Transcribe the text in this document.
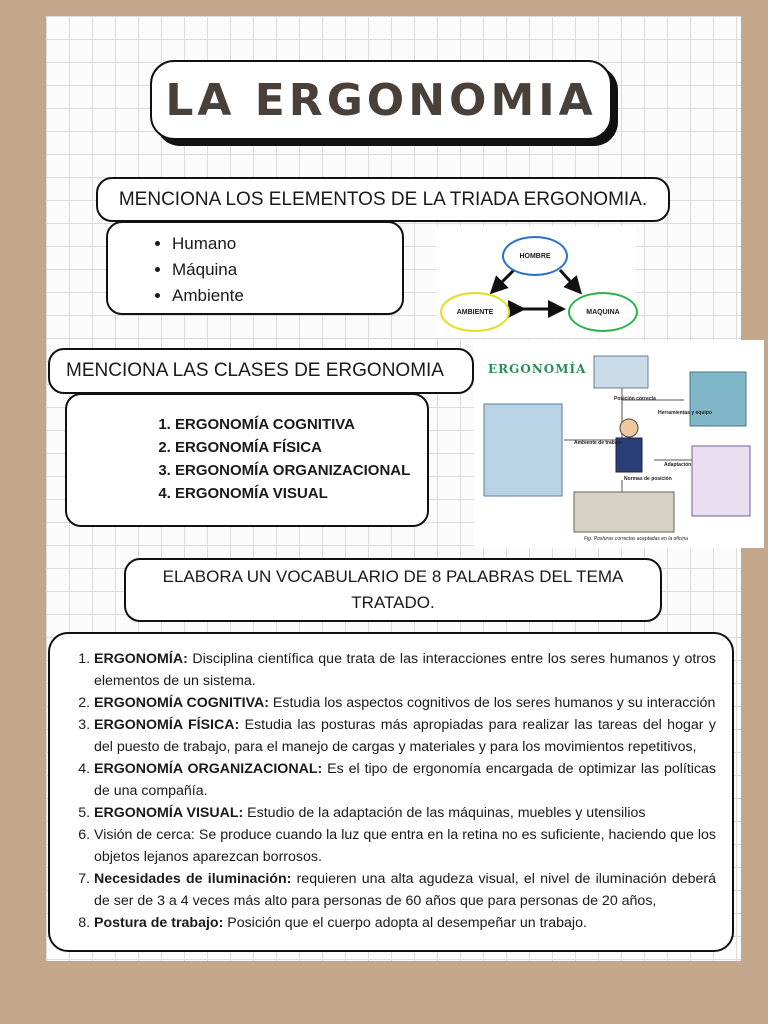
LA ERGONOMIA
MENCIONA LOS ELEMENTOS DE LA TRIADA ERGONOMIA.
• Humano
• Máquina
• Ambiente
HOMBRE
AMBIENTE	MAQUINA
MENCIONA LAS CLASES DE ERGONOMIA
1. ERGONOMÍA COGNITIVA
2. ERGONOMÍA FÍSICA
3. ERGONOMÍA ORGANIZACIONAL
4. ERGONOMÍA VISUAL
ERGONOMÍA
Posición correcta
Herramientas y equipo
Ambiente de trabajo
Adaptación
Normas de posición
Fig. Posturas correctas aceptadas en la oficina
ELABORA UN VOCABULARIO DE 8 PALABRAS DEL TEMA TRATADO.
1. ERGONOMÍA: Disciplina científica que trata de las interacciones entre los seres humanos y otros elementos de un sistema.
2. ERGONOMÍA COGNITIVA: Estudia los aspectos cognitivos de los seres humanos y su interacción
3. ERGONOMÍA FÍSICA: Estudia las posturas más apropiadas para realizar las tareas del hogar y del puesto de trabajo, para el manejo de cargas y materiales y para los movimientos repetitivos,
4. ERGONOMÍA ORGANIZACIONAL: Es el tipo de ergonomía encargada de optimizar las políticas de una compañía.
5. ERGONOMÍA VISUAL: Estudio de la adaptación de las máquinas, muebles y utensilios
6. Visión de cerca: Se produce cuando la luz que entra en la retina no es suficiente, haciendo que los objetos lejanos aparezcan borrosos.
7. Necesidades de iluminación: requieren una alta agudeza visual, el nivel de iluminación deberá de ser de 3 a 4 veces más alto para personas de 60 años que para personas de 20 años,
8. Postura de trabajo: Posición que el cuerpo adopta al desempeñar un trabajo.
